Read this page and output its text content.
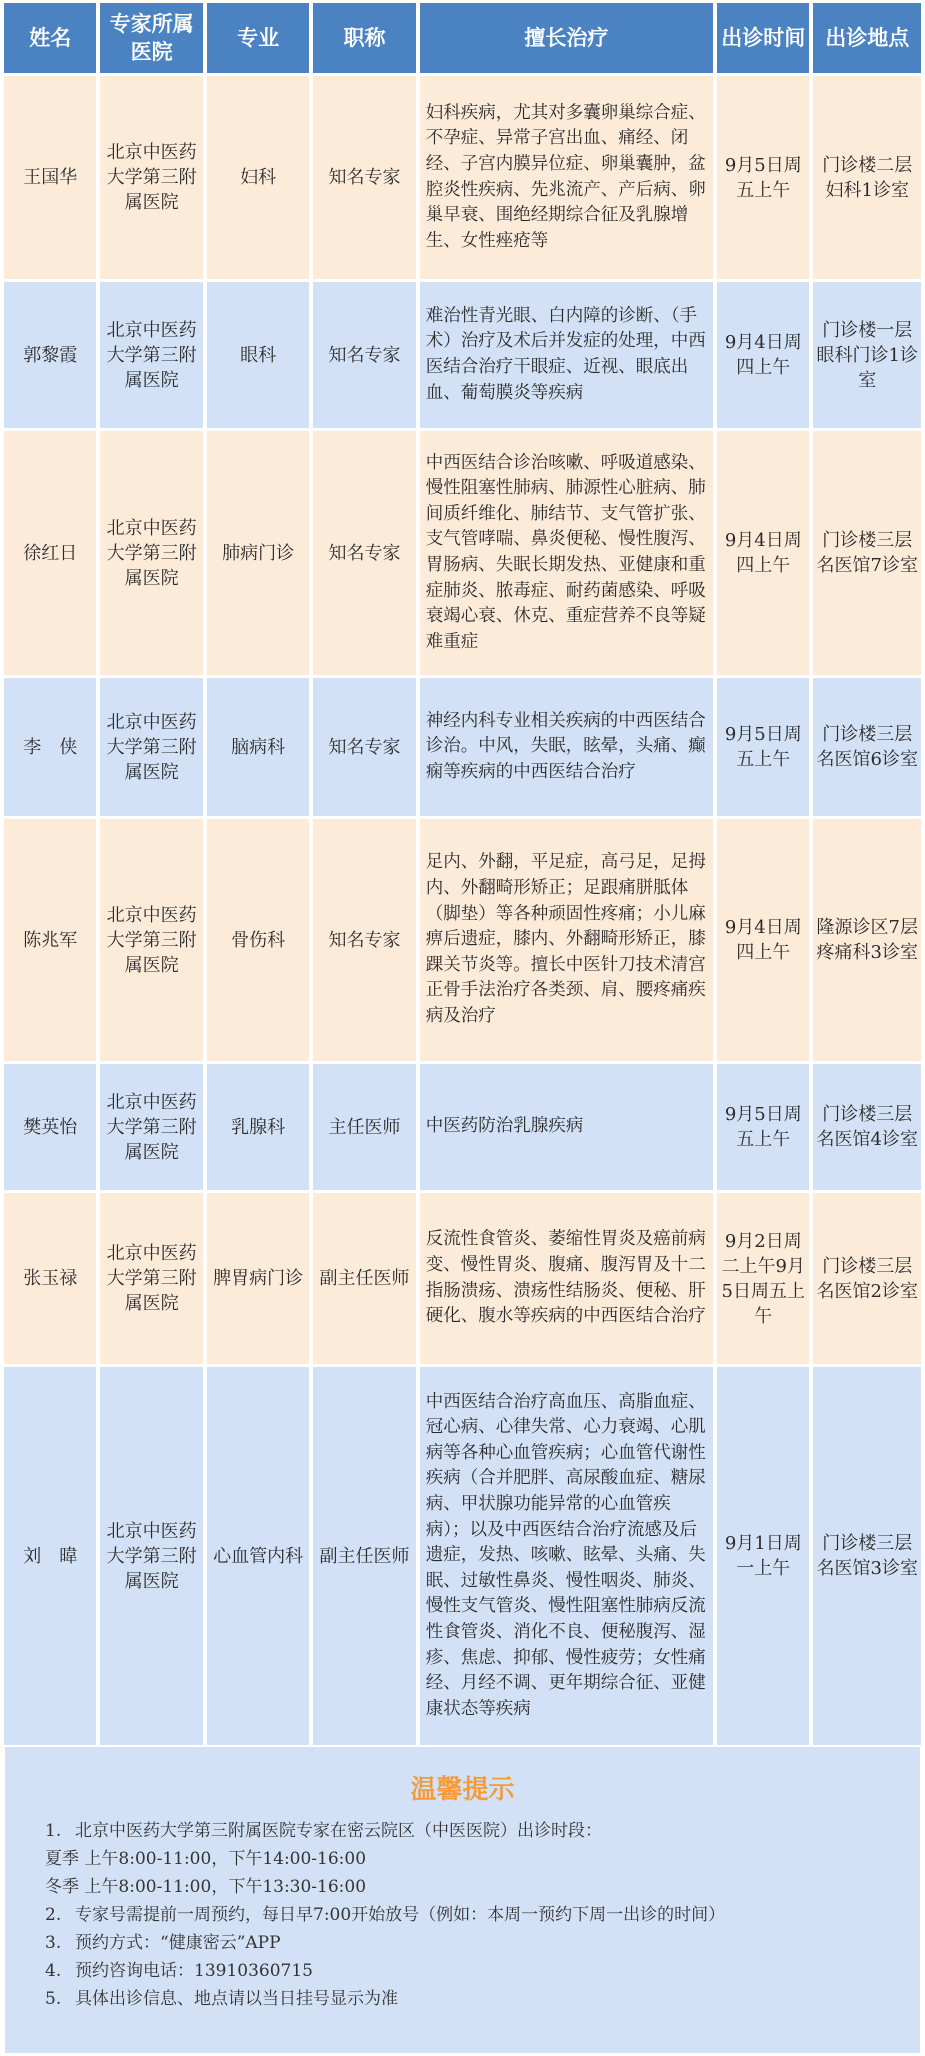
姓名	专家所属医院	专业	职称	擅长治疗	出诊时间	出诊地点
王国华	北京中医药大学第三附属医院	妇科	知名专家	妇科疾病，尤其对多囊卵巢综合症、不孕症、异常子宫出血、痛经、闭经、子宫内膜异位症、卵巢囊肿，盆腔炎性疾病、先兆流产、产后病、卵巢早衰、围绝经期综合征及乳腺增生、女性痤疮等	9月5日周五上午	门诊楼二层妇科1诊室
郭黎霞	北京中医药大学第三附属医院	眼科	知名专家	难治性青光眼、白内障的诊断、（手术）治疗及术后并发症的处理，中西医结合治疗干眼症、近视、眼底出血、葡萄膜炎等疾病	9月4日周四上午	门诊楼一层眼科门诊1诊室
徐红日	北京中医药大学第三附属医院	肺病门诊	知名专家	中西医结合诊治咳嗽、呼吸道感染、慢性阻塞性肺病、肺源性心脏病、肺间质纤维化、肺结节、支气管扩张、支气管哮喘、鼻炎便秘、慢性腹泻、胃肠病、失眠长期发热、亚健康和重症肺炎、脓毒症、耐药菌感染、呼吸衰竭心衰、休克、重症营养不良等疑难重症	9月4日周四上午	门诊楼三层名医馆7诊室
李　侠	北京中医药大学第三附属医院	脑病科	知名专家	神经内科专业相关疾病的中西医结合诊治。中风，失眠，眩晕，头痛、癫痫等疾病的中西医结合治疗	9月5日周五上午	门诊楼三层名医馆6诊室
陈兆军	北京中医药大学第三附属医院	骨伤科	知名专家	足内、外翻，平足症，高弓足，足拇内、外翻畸形矫正；足跟痛胼胝体（脚垫）等各种顽固性疼痛；小儿麻痹后遗症，膝内、外翻畸形矫正，膝踝关节炎等。擅长中医针刀技术清宫正骨手法治疗各类颈、肩、腰疼痛疾病及治疗	9月4日周四上午	隆源诊区7层疼痛科3诊室
樊英怡	北京中医药大学第三附属医院	乳腺科	主任医师	中医药防治乳腺疾病	9月5日周五上午	门诊楼三层名医馆4诊室
张玉禄	北京中医药大学第三附属医院	脾胃病门诊	副主任医师	反流性食管炎、萎缩性胃炎及癌前病变、慢性胃炎、腹痛、腹泻胃及十二指肠溃疡、溃疡性结肠炎、便秘、肝硬化、腹水等疾病的中西医结合治疗	9月2日周二上午9月5日周五上午	门诊楼三层名医馆2诊室
刘　暐	北京中医药大学第三附属医院	心血管内科	副主任医师	中西医结合治疗高血压、高脂血症、冠心病、心律失常、心力衰竭、心肌病等各种心血管疾病；心血管代谢性疾病（合并肥胖、高尿酸血症、糖尿病、甲状腺功能异常的心血管疾病）；以及中西医结合治疗流感及后遗症，发热、咳嗽、眩晕、头痛、失眠、过敏性鼻炎、慢性咽炎、肺炎、慢性支气管炎、慢性阻塞性肺病反流性食管炎、消化不良、便秘腹泻、湿疹、焦虑、抑郁、慢性疲劳；女性痛经、月经不调、更年期综合征、亚健康状态等疾病	9月1日周一上午	门诊楼三层名医馆3诊室
温馨提示
1. 北京中医药大学第三附属医院专家在密云院区（中医医院）出诊时段：
夏季 上午8:00-11:00，下午14:00-16:00
冬季 上午8:00-11:00，下午13:30-16:00
2. 专家号需提前一周预约，每日早7:00开始放号（例如：本周一预约下周一出诊的时间）
3. 预约方式：“健康密云”APP
4. 预约咨询电话：13910360715
5. 具体出诊信息、地点请以当日挂号显示为准
